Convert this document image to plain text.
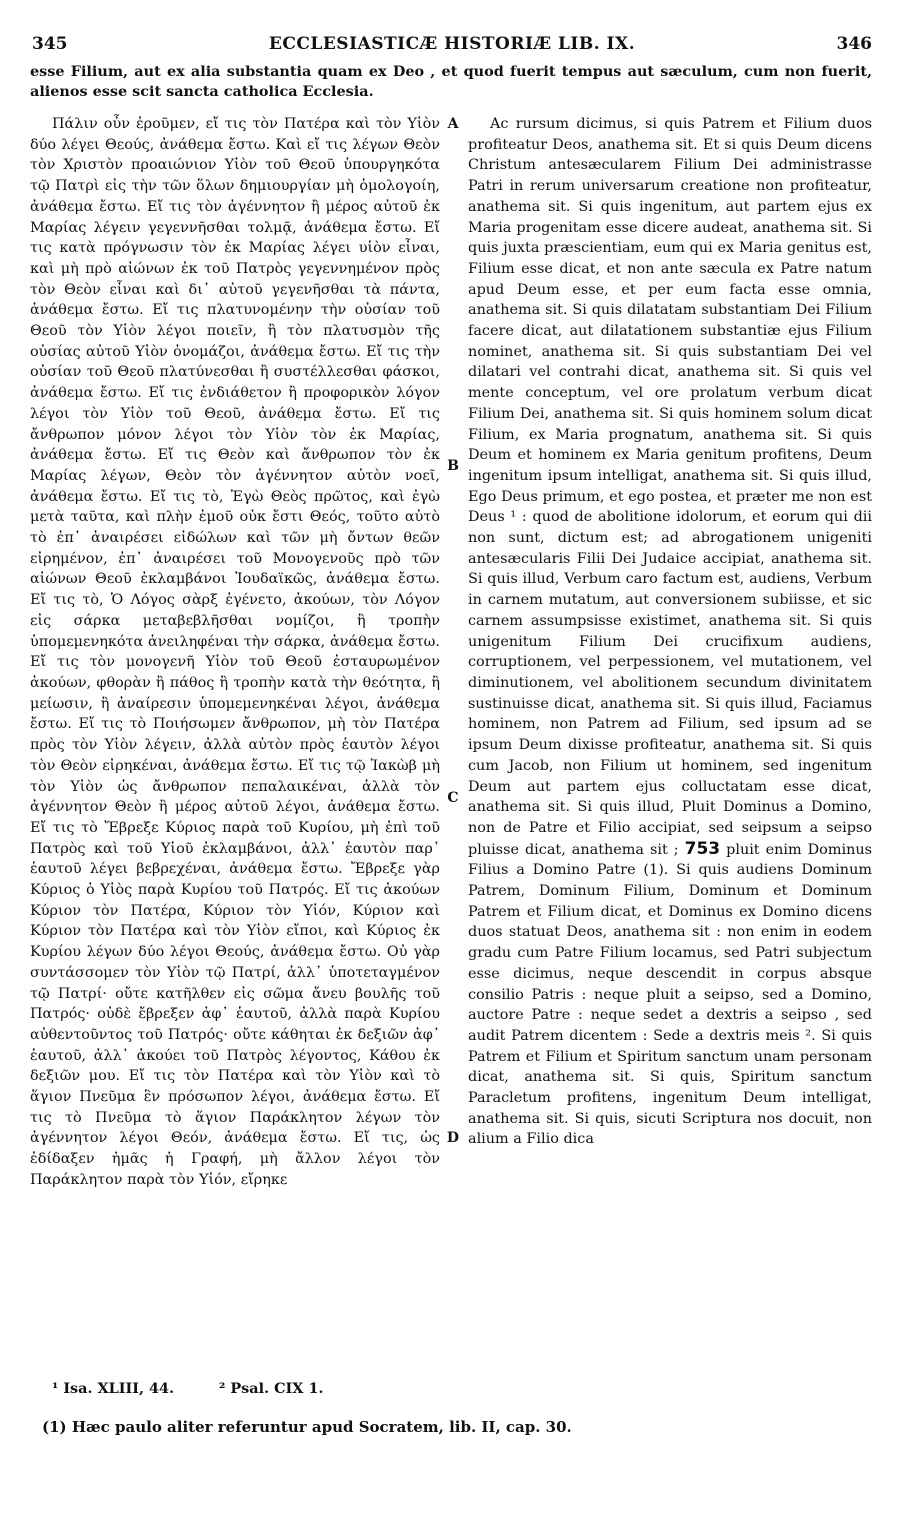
345	ECCLESIASTICÆ HISTORIÆ LIB. IX.	346
esse Filium, aut ex alia substantia quam ex Deo , et quod fuerit tempus aut sæculum, cum non fuerit, alienos esse scit sancta catholica Ecclesia.

Πάλιν οὖν ἐροῦμεν, εἴ τις τὸν Πατέρα καὶ τὸν Υἱὸν δύο λέγει Θεούς, ἀνάθεμα ἔστω. Καὶ εἴ τις λέγων Θεὸν τὸν Χριστὸν προαιώνιον Υἱὸν τοῦ Θεοῦ ὑπουργηκότα τῷ Πατρὶ εἰς τὴν τῶν ὅλων δημιουργίαν μὴ ὁμολογοίη, ἀνάθεμα ἔστω. Εἴ τις τὸν ἀγέννητον ἢ μέρος αὐτοῦ ἐκ Μαρίας λέγειν γεγεννῆσθαι τολμᾷ, ἀνάθεμα ἔστω. Εἴ τις κατὰ πρόγνωσιν τὸν ἐκ Μαρίας λέγει υἱὸν εἶναι, καὶ μὴ πρὸ αἰώνων ἐκ τοῦ Πατρὸς γεγεννημένον πρὸς τὸν Θεὸν εἶναι καὶ δι᾽ αὐτοῦ γεγενῆσθαι τὰ πάντα, ἀνάθεμα ἔστω. Εἴ τις πλατυνομένην τὴν οὐσίαν τοῦ Θεοῦ τὸν Υἱὸν λέγοι ποιεῖν, ἢ τὸν πλατυσμὸν τῆς οὐσίας αὐτοῦ Υἱὸν ὀνομάζοι, ἀνάθεμα ἔστω. Εἴ τις τὴν οὐσίαν τοῦ Θεοῦ πλατύνεσθαι ἢ συστέλλεσθαι φάσκοι, ἀνάθεμα ἔστω. Εἴ τις ἐνδιάθετον ἢ προφορικὸν λόγον λέγοι τὸν Υἱὸν τοῦ Θεοῦ, ἀνάθεμα ἔστω. Εἴ τις ἄνθρωπον μόνον λέγοι τὸν Υἱὸν τὸν ἐκ Μαρίας, ἀνάθεμα ἔστω. Εἴ τις Θεὸν καὶ ἄνθρωπον τὸν ἐκ Μαρίας λέγων, Θεὸν τὸν ἀγέννητον αὐτὸν νοεῖ, ἀνάθεμα ἔστω. Εἴ τις τὸ, Ἐγὼ Θεὸς πρῶτος, καὶ ἐγὼ μετὰ ταῦτα, καὶ πλὴν ἐμοῦ οὐκ ἔστι Θεός, τοῦτο αὐτὸ τὸ ἐπ᾽ ἀναιρέσει εἰδώλων καὶ τῶν μὴ ὄντων θεῶν εἰρημένον, ἐπ᾽ ἀναιρέσει τοῦ Μονογενοῦς πρὸ τῶν αἰώνων Θεοῦ ἐκλαμβάνοι Ἰουδαϊκῶς, ἀνάθεμα ἔστω. Εἴ τις τὸ, Ὁ Λόγος σὰρξ ἐγένετο, ἀκούων, τὸν Λόγον εἰς σάρκα μεταβεβλῆσθαι νομίζοι, ἢ τροπὴν ὑπομεμενηκότα ἀνειληφέναι τὴν σάρκα, ἀνάθεμα ἔστω. Εἴ τις τὸν μονογενῆ Υἱὸν τοῦ Θεοῦ ἐσταυρωμένον ἀκούων, φθορὰν ἢ πάθος ἢ τροπὴν κατὰ τὴν θεότητα, ἢ μείωσιν, ἢ ἀναίρεσιν ὑπομεμενηκέναι λέγοι, ἀνάθεμα ἔστω. Εἴ τις τὸ Ποιήσωμεν ἄνθρωπον, μὴ τὸν Πατέρα πρὸς τὸν Υἱὸν λέγειν, ἀλλὰ αὐτὸν πρὸς ἑαυτὸν λέγοι τὸν Θεὸν εἰρηκέναι, ἀνάθεμα ἔστω. Εἴ τις τῷ Ἰακὼβ μὴ τὸν Υἱὸν ὡς ἄνθρωπον πεπαλαικέναι, ἀλλὰ τὸν ἀγέννητον Θεὸν ἢ μέρος αὐτοῦ λέγοι, ἀνάθεμα ἔστω. Εἴ τις τὸ Ἔβρεξε Κύριος παρὰ τοῦ Κυρίου, μὴ ἐπὶ τοῦ Πατρὸς καὶ τοῦ Υἱοῦ ἐκλαμβάνοι, ἀλλ᾽ ἑαυτὸν παρ᾽ ἑαυτοῦ λέγει βεβρεχέναι, ἀνάθεμα ἔστω. Ἔβρεξε γὰρ Κύριος ὁ Υἱὸς παρὰ Κυρίου τοῦ Πατρός. Εἴ τις ἀκούων Κύριον τὸν Πατέρα, Κύριον τὸν Υἱόν, Κύριον καὶ Κύριον τὸν Πατέρα καὶ τὸν Υἱὸν εἴποι, καὶ Κύριος ἐκ Κυρίου λέγων δύο λέγοι Θεούς, ἀνάθεμα ἔστω. Οὐ γὰρ συντάσσομεν τὸν Υἱὸν τῷ Πατρί, ἀλλ᾽ ὑποτεταγμένον τῷ Πατρί· οὔτε κατῆλθεν εἰς σῶμα ἄνευ βουλῆς τοῦ Πατρός· οὐδὲ ἔβρεξεν ἀφ᾽ ἑαυτοῦ, ἀλλὰ παρὰ Κυρίου αὐθεντοῦντος τοῦ Πατρός· οὔτε κάθηται ἐκ δεξιῶν ἀφ᾽ ἑαυτοῦ, ἀλλ᾽ ἀκούει τοῦ Πατρὸς λέγοντος, Κάθου ἐκ δεξιῶν μου. Εἴ τις τὸν Πατέρα καὶ τὸν Υἱὸν καὶ τὸ ἅγιον Πνεῦμα ἓν πρόσωπον λέγοι, ἀνάθεμα ἔστω. Εἴ τις τὸ Πνεῦμα τὸ ἅγιον Παράκλητον λέγων τὸν ἀγέννητον λέγοι Θεόν, ἀνάθεμα ἔστω. Εἴ τις, ὡς ἐδίδαξεν ἡμᾶς ἡ Γραφή, μὴ ἄλλον λέγοι τὸν Παράκλητον παρὰ τὸν Υἱόν, εἴρηκε

A
B
C
D

Ac rursum dicimus, si quis Patrem et Filium duos profiteatur Deos, anathema sit. Et si quis Deum dicens Christum antesæcularem Filium Dei administrasse Patri in rerum universarum creatione non profiteatur, anathema sit. Si quis ingenitum, aut partem ejus ex Maria progenitam esse dicere audeat, anathema sit. Si quis juxta præscientiam, eum qui ex Maria genitus est, Filium esse dicat, et non ante sæcula ex Patre natum apud Deum esse, et per eum facta esse omnia, anathema sit. Si quis dilatatam substantiam Dei Filium facere dicat, aut dilatationem substantiæ ejus Filium nominet, anathema sit. Si quis substantiam Dei vel dilatari vel contrahi dicat, anathema sit. Si quis vel mente conceptum, vel ore prolatum verbum dicat Filium Dei, anathema sit. Si quis hominem solum dicat Filium, ex Maria prognatum, anathema sit. Si quis Deum et hominem ex Maria genitum profitens, Deum ingenitum ipsum intelligat, anathema sit. Si quis illud, Ego Deus primum, et ego postea, et præter me non est Deus ¹ : quod de abolitione idolorum, et eorum qui dii non sunt, dictum est; ad abrogationem unigeniti antesæcularis Filii Dei Judaice accipiat, anathema sit. Si quis illud, Verbum caro factum est, audiens, Verbum in carnem mutatum, aut conversionem subiisse, et sic carnem assumpsisse existimet, anathema sit. Si quis unigenitum Filium Dei crucifixum audiens, corruptionem, vel perpessionem, vel mutationem, vel diminutionem, vel abolitionem secundum divinitatem sustinuisse dicat, anathema sit. Si quis illud, Faciamus hominem, non Patrem ad Filium, sed ipsum ad se ipsum Deum dixisse profiteatur, anathema sit. Si quis cum Jacob, non Filium ut hominem, sed ingenitum Deum aut partem ejus colluctatam esse dicat, anathema sit. Si quis illud, Pluit Dominus a Domino, non de Patre et Filio accipiat, sed seipsum a seipso pluisse dicat, anathema sit ; 753 pluit enim Dominus Filius a Domino Patre (1). Si quis audiens Dominum Patrem, Dominum Filium, Dominum et Dominum Patrem et Filium dicat, et Dominus ex Domino dicens duos statuat Deos, anathema sit : non enim in eodem gradu cum Patre Filium locamus, sed Patri subjectum esse dicimus, neque descendit in corpus absque consilio Patris : neque pluit a seipso, sed a Domino, auctore Patre : neque sedet a dextris a seipso , sed audit Patrem dicentem : Sede a dextris meis ². Si quis Patrem et Filium et Spiritum sanctum unam personam dicat, anathema sit. Si quis, Spiritum sanctum Paracletum profitens, ingenitum Deum intelligat, anathema sit. Si quis, sicuti Scriptura nos docuit, non alium a Filio dica

¹ Isa. XLIII, 44.	² Psal. CIX 1.
(1) Hæc paulo aliter referuntur apud Socratem, lib. II, cap. 30.
